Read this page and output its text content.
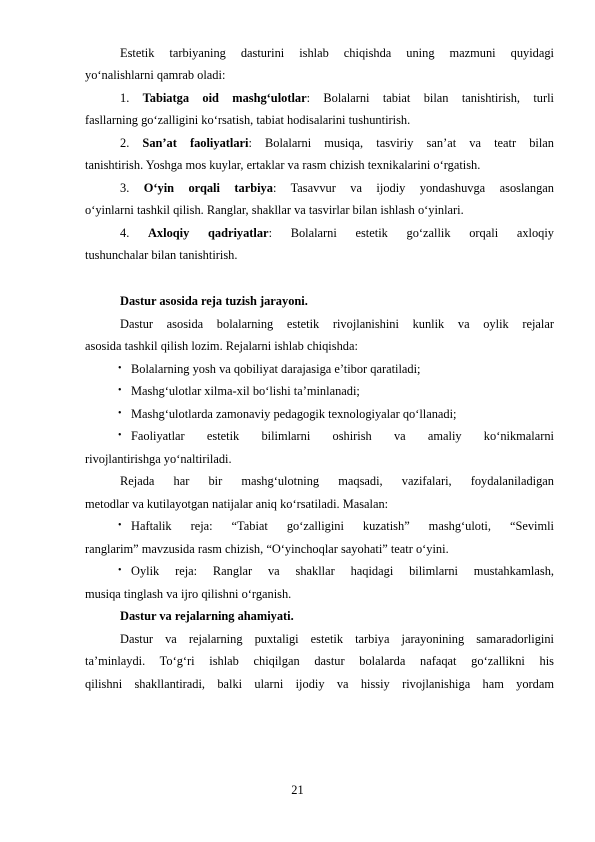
Estetik tarbiyaning dasturini ishlab chiqishda uning mazmuni quyidagi
yo‘nalishlarni qamrab oladi:
1. Tabiatga oid mashg‘ulotlar: Bolalarni tabiat bilan tanishtirish, turli
fasllarning go‘zalligini ko‘rsatish, tabiat hodisalarini tushuntirish.
2. San’at faoliyatlari: Bolalarni musiqa, tasviriy san’at va teatr bilan
tanishtirish. Yoshga mos kuylar, ertaklar va rasm chizish texnikalarini o‘rgatish.
3. O‘yin orqali tarbiya: Tasavvur va ijodiy yondashuvga asoslangan
o‘yinlarni tashkil qilish. Ranglar, shakllar va tasvirlar bilan ishlash o‘yinlari.
4. Axloqiy qadriyatlar: Bolalarni estetik go‘zallik orqali axloqiy
tushunchalar bilan tanishtirish.
Dastur asosida reja tuzish jarayoni.
Dastur asosida bolalarning estetik rivojlanishini kunlik va oylik rejalar
asosida tashkil qilish lozim. Rejalarni ishlab chiqishda:
• Bolalarning yosh va qobiliyat darajasiga e’tibor qaratiladi;
• Mashg‘ulotlar xilma-xil bo‘lishi ta’minlanadi;
• Mashg‘ulotlarda zamonaviy pedagogik texnologiyalar qo‘llanadi;
• Faoliyatlar estetik bilimlarni oshirish va amaliy ko‘nikmalarni
rivojlantirishga yo‘naltiriladi.
Rejada har bir mashg‘ulotning maqsadi, vazifalari, foydalaniladigan
metodlar va kutilayotgan natijalar aniq ko‘rsatiladi. Masalan:
• Haftalik reja: “Tabiat go‘zalligini kuzatish” mashg‘uloti, “Sevimli
ranglarim” mavzusida rasm chizish, “O‘yinchoqlar sayohati” teatr o‘yini.
• Oylik reja: Ranglar va shakllar haqidagi bilimlarni mustahkamlash,
musiqa tinglash va ijro qilishni o‘rganish.
Dastur va rejalarning ahamiyati.
Dastur va rejalarning puxtaligi estetik tarbiya jarayonining samaradorligini
ta’minlaydi. To‘g‘ri ishlab chiqilgan dastur bolalarda nafaqat go‘zallikni his
qilishni shakllantiradi, balki ularni ijodiy va hissiy rivojlanishiga ham yordam
21
